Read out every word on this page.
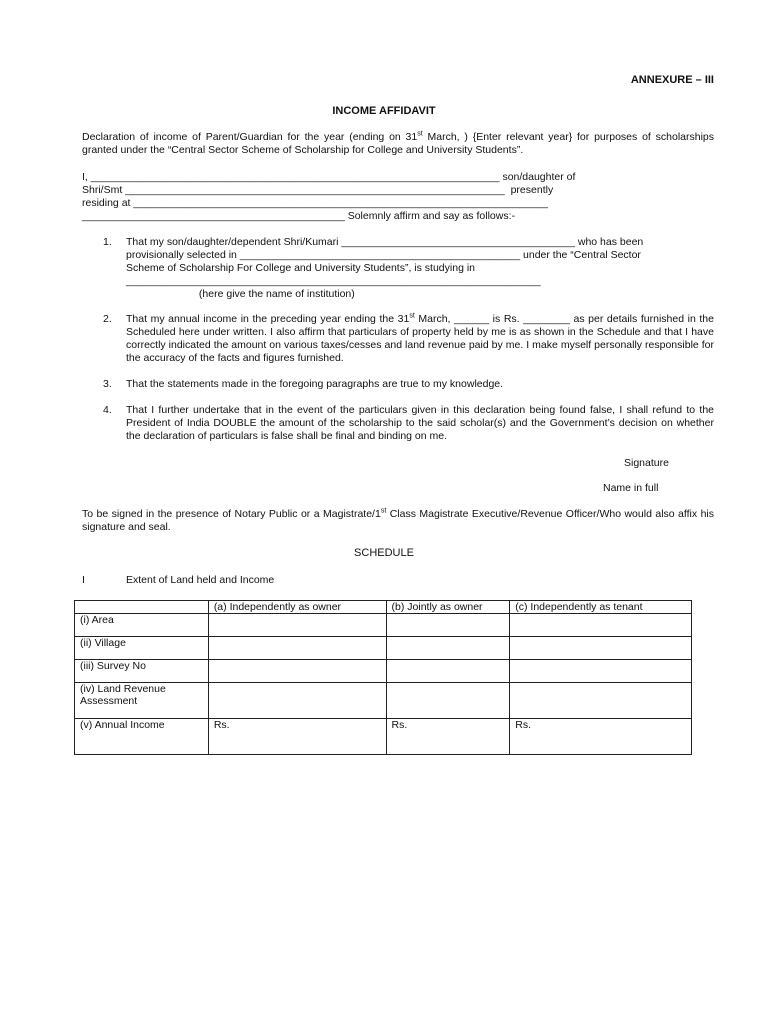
ANNEXURE – III
INCOME AFFIDAVIT
Declaration of income of Parent/Guardian for the year (ending on 31st March, ) {Enter relevant year} for purposes of scholarships granted under the “Central Sector Scheme of Scholarship for College and University Students”.
I, ______________________________________________________________________ son/daughter of
Shri/Smt _________________________________________________________________  presently
residing at _______________________________________________________________________
_____________________________________________ Solemnly affirm and say as follows:-
1. That my son/daughter/dependent Shri/Kumari ________________________________________ who has been
provisionally selected in ________________________________________________ under the “Central Sector
Scheme of Scholarship For College and University Students”, is studying in
_______________________________________________________________________
(here give the name of institution)
2. That my annual income in the preceding year ending the 31st March, ______ is Rs. ________ as per details furnished in the Scheduled here under written. I also affirm that particulars of property held by me is as shown in the Schedule and that I have correctly indicated the amount on various taxes/cesses and land revenue paid by me. I make myself personally responsible for the accuracy of the facts and figures furnished.
3. That the statements made in the foregoing paragraphs are true to my knowledge.
4. That I further undertake that in the event of the particulars given in this declaration being found false, I shall refund to the President of India DOUBLE the amount of the scholarship to the said scholar(s) and the Government’s decision on whether the declaration of particulars is false shall be final and binding on me.
Signature
Name in full
To be signed in the presence of Notary Public or a Magistrate/1st Class Magistrate Executive/Revenue Officer/Who would also affix his signature and seal.
SCHEDULE
I	Extent of Land held and Income
	(a) Independently as owner	(b) Jointly as owner	(c) Independently as tenant
(i) Area			
(ii) Village			
(iii) Survey No			
(iv) Land Revenue Assessment			
(v) Annual Income	Rs.	Rs.	Rs.
